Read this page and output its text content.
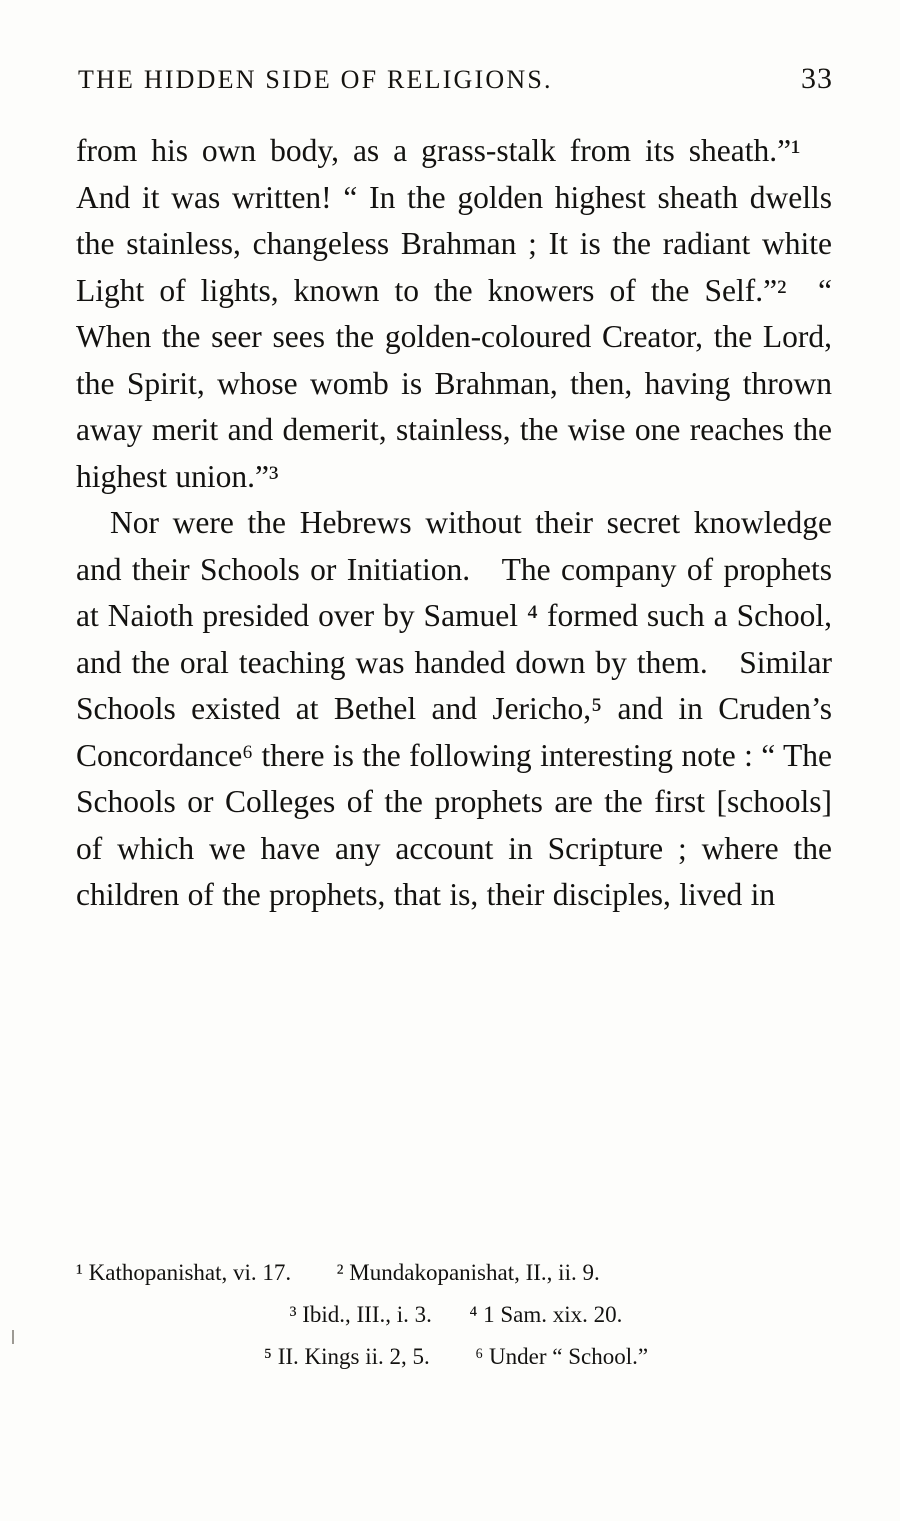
THE HIDDEN SIDE OF RELIGIONS.	33

from his own body, as a grass-stalk from its sheath.”¹ And it was written! “ In the golden highest sheath dwells the stainless, changeless Brahman ; It is the radiant white Light of lights, known to the knowers of the Self.”² “ When the seer sees the golden-coloured Creator, the Lord, the Spirit, whose womb is Brahman, then, having thrown away merit and demerit, stainless, the wise one reaches the highest union.”³

Nor were the Hebrews without their secret knowledge and their Schools or Initiation. The company of prophets at Naioth presided over by Samuel ⁴ formed such a School, and the oral teaching was handed down by them. Similar Schools existed at Bethel and Jericho,⁵ and in Cruden’s Concordance⁶ there is the following interesting note : “ The Schools or Colleges of the prophets are the first [schools] of which we have any account in Scripture ; where the children of the prophets, that is, their disciples, lived in

¹ Kathopanishat, vi. 17. ² Mundakopanishat, II., ii. 9.
³ Ibid., III., i. 3. ⁴ 1 Sam. xix. 20.
⁵ II. Kings ii. 2, 5. ⁶ Under “ School.”
